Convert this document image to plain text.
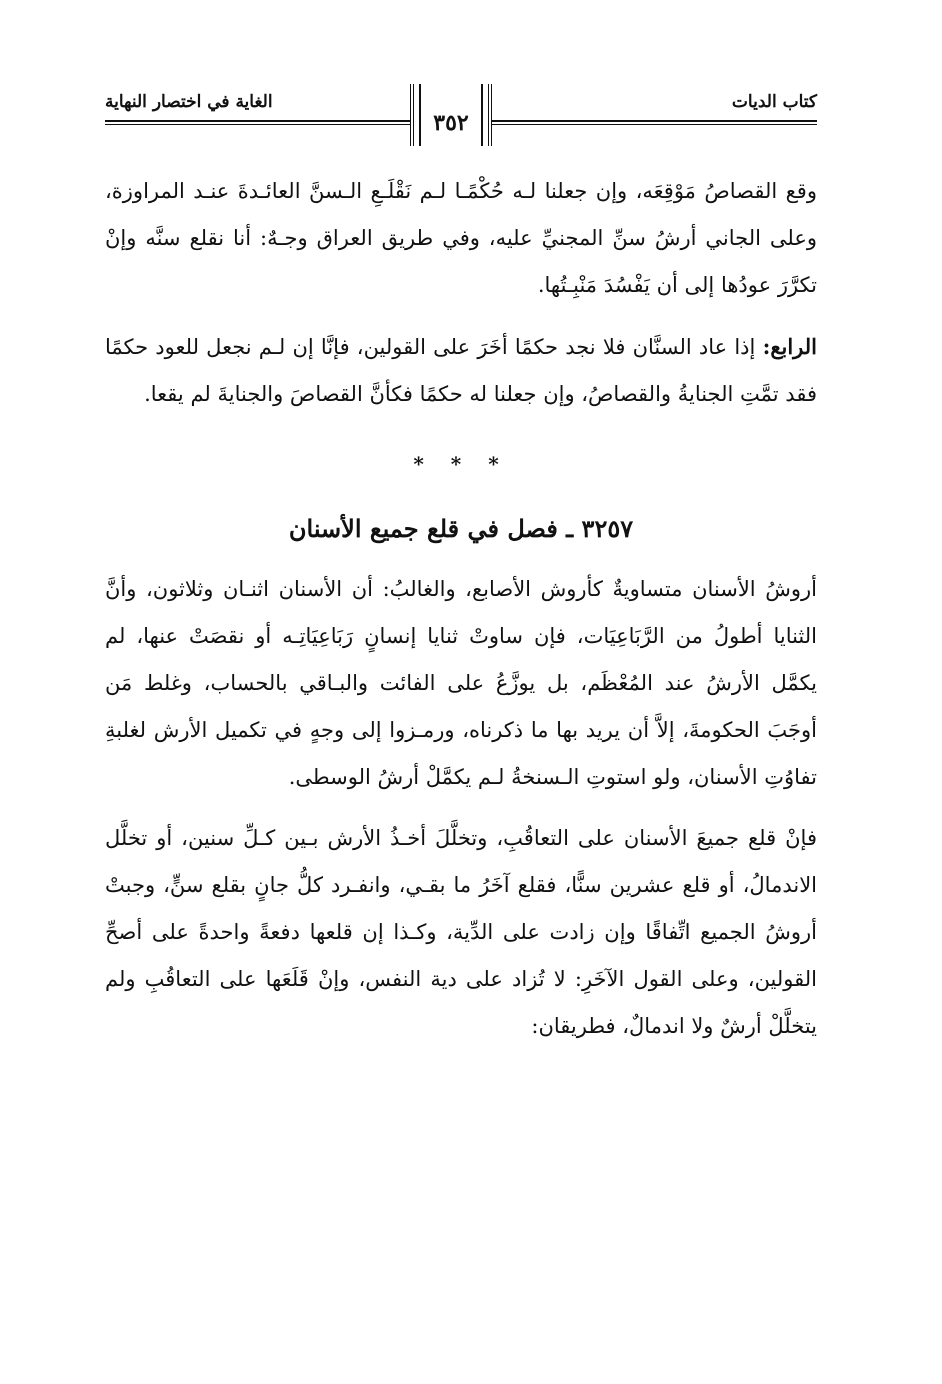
كتاب الديات
٣٥٢
الغاية في اختصار النهاية

وقع القصاصُ مَوْقِعَه، وإن جعلنا لـه حُكْمًـا لـم نَقْلَـعِ الـسنَّ العائـدةَ عنـد المراوزة، وعلى الجاني أرشُ سنِّ المجنيِّ عليه، وفي طريق العراق وجـهٌ: أنا نقلع سنَّه وإنْ تكرَّرَ عودُها إلى أن يَفْسُدَ مَنْبِـتُها.

الرابع: إذا عاد السنَّان فلا نجد حكمًا أخَرَ على القولين، فإنَّا إن لـم نجعل للعود حكمًا فقد تمَّتِ الجنايةُ والقصاصُ، وإن جعلنا له حكمًا فكأنَّ القصاصَ والجنايةَ لم يقعا.

* * *
٣٢٥٧ ـ فصل في قلع جميع الأسنان

أروشُ الأسنان متساويةٌ كأروش الأصابع، والغالبُ: أن الأسنان اثنـان وثلاثون، وأنَّ الثنايا أطولُ من الرَّبَاعِيَات، فإن ساوتْ ثنايا إنسانٍ رَبَاعِيَاتِـه أو نقصَتْ عنها، لم يكمَّل الأرشُ عند المُعْظَم، بل يوزَّعُ على الفائت والبـاقي بالحساب، وغلط مَن أوجَبَ الحكومةَ، إلاَّ أن يريد بها ما ذكرناه، ورمـزوا إلى وجهٍ في تكميل الأرش لغلبةِ تفاوُتِ الأسنان، ولو استوتِ الـسنخةُ لـم يكمَّلْ أرشُ الوسطى.

فإنْ قلع جميعَ الأسنان على التعاقُبِ، وتخلَّلَ أخـذُ الأرش بـين كـلِّ سنين، أو تخلَّل الاندمالُ، أو قلع عشرين سنًّا، فقلع آخَرُ ما بقـي، وانفـرد كلُّ جانٍ بقلع سنٍّ، وجبتْ أروشُ الجميع اتِّفاقًا وإن زادت على الدِّية، وكـذا إن قلعها دفعةً واحدةً على أصحِّ القولين، وعلى القول الآخَرِ: لا تُزاد على دية النفس، وإنْ قَلَعَها على التعاقُبِ ولم يتخلَّلْ أرشٌ ولا اندمالٌ، فطريقان:
